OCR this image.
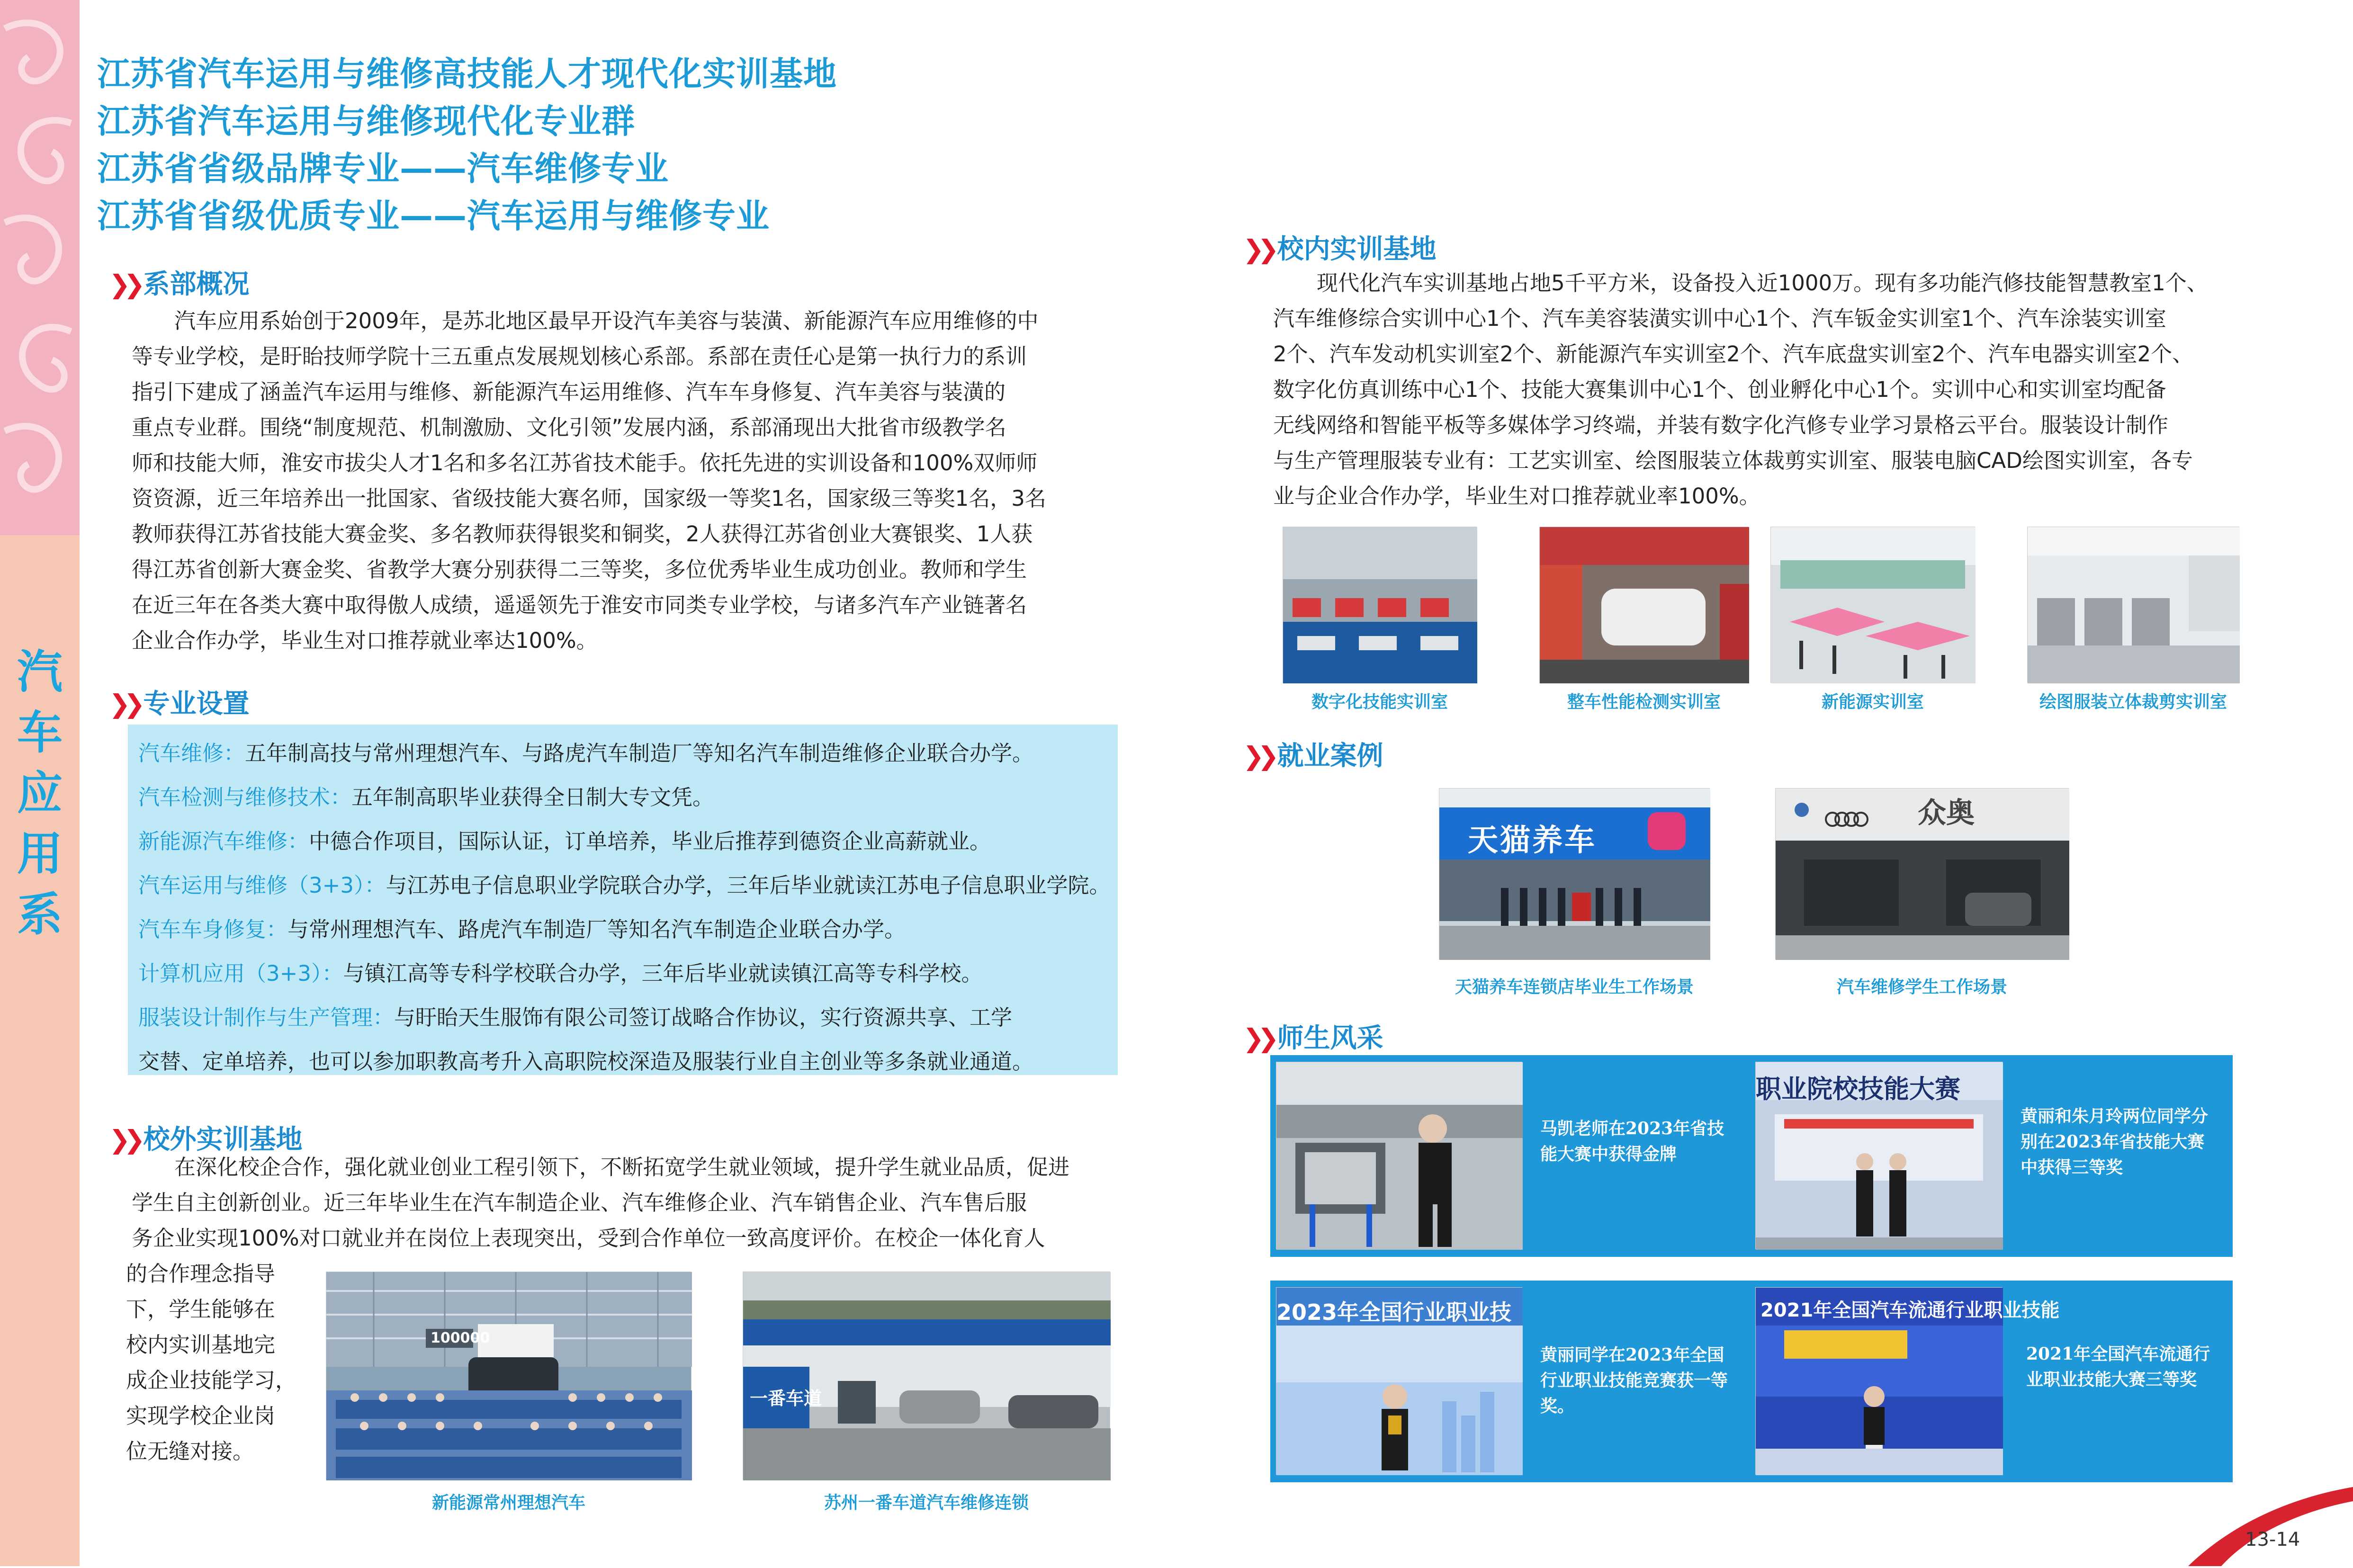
汽
车
应
用
系
江苏省汽车运用与维修高技能人才现代化实训基地
江苏省汽车运用与维修现代化专业群
江苏省省级品牌专业——汽车维修专业
江苏省省级优质专业——汽车运用与维修专业
❯❯ 系部概况
汽车应用系始创于2009年，是苏北地区最早开设汽车美容与装潢、新能源汽车应用维修的中
等专业学校，是盱眙技师学院十三五重点发展规划核心系部。系部在责任心是第一执行力的系训
指引下建成了涵盖汽车运用与维修、新能源汽车运用维修、汽车车身修复、汽车美容与装潢的
重点专业群。围绕“制度规范、机制激励、文化引领”发展内涵，系部涌现出大批省市级教学名
师和技能大师，淮安市拔尖人才1名和多名江苏省技术能手。依托先进的实训设备和100%双师师
资资源，近三年培养出一批国家、省级技能大赛名师，国家级一等奖1名，国家级三等奖1名，3名
教师获得江苏省技能大赛金奖、多名教师获得银奖和铜奖，2人获得江苏省创业大赛银奖、1人获
得江苏省创新大赛金奖、省教学大赛分别获得二三等奖，多位优秀毕业生成功创业。教师和学生
在近三年在各类大赛中取得傲人成绩，遥遥领先于淮安市同类专业学校，与诸多汽车产业链著名
企业合作办学，毕业生对口推荐就业率达100%。
❯❯ 专业设置
汽车维修：五年制高技与常州理想汽车、与路虎汽车制造厂等知名汽车制造维修企业联合办学。
汽车检测与维修技术：五年制高职毕业获得全日制大专文凭。
新能源汽车维修：中德合作项目，国际认证，订单培养，毕业后推荐到德资企业高薪就业。
汽车运用与维修（3+3）：与江苏电子信息职业学院联合办学，三年后毕业就读江苏电子信息职业学院。
汽车车身修复：与常州理想汽车、路虎汽车制造厂等知名汽车制造企业联合办学。
计算机应用（3+3）：与镇江高等专科学校联合办学，三年后毕业就读镇江高等专科学校。
服装设计制作与生产管理：与盱眙天生服饰有限公司签订战略合作协议，实行资源共享、工学
交替、定单培养，也可以参加职教高考升入高职院校深造及服装行业自主创业等多条就业通道。
❯❯ 校外实训基地
在深化校企合作，强化就业创业工程引领下，不断拓宽学生就业领域，提升学生就业品质，促进
学生自主创新创业。近三年毕业生在汽车制造企业、汽车维修企业、汽车销售企业、汽车售后服
务企业实现100%对口就业并在岗位上表现突出，受到合作单位一致高度评价。在校企一体化育人
的合作理念指导
下，学生能够在
校内实训基地完
成企业技能学习，
实现学校企业岗
位无缝对接。
100000
新能源常州理想汽车
一番车道
苏州一番车道汽车维修连锁
❯❯ 校内实训基地
现代化汽车实训基地占地5千平方米，设备投入近1000万。现有多功能汽修技能智慧教室1个、
汽车维修综合实训中心1个、汽车美容装潢实训中心1个、汽车钣金实训室1个、汽车涂装实训室
2个、汽车发动机实训室2个、新能源汽车实训室2个、汽车底盘实训室2个、汽车电器实训室2个、
数字化仿真训练中心1个、技能大赛集训中心1个、创业孵化中心1个。实训中心和实训室均配备
无线网络和智能平板等多媒体学习终端，并装有数字化汽修专业学习景格云平台。服装设计制作
与生产管理服装专业有：工艺实训室、绘图服装立体裁剪实训室、服装电脑CAD绘图实训室，各专
业与企业合作办学，毕业生对口推荐就业率100%。
数字化技能实训室	整车性能检测实训室	新能源实训室	绘图服装立体裁剪实训室
❯❯ 就业案例
天猫养车
天猫养车连锁店毕业生工作场景
众奥
汽车维修学生工作场景
❯❯ 师生风采
马凯老师在2023年省技能大赛中获得金牌
职业院校技能大赛
黄丽和朱月玲两位同学分别在2023年省技能大赛中获得三等奖
2023年全国行业职业技
黄丽同学在2023年全国行业职业技能竞赛获一等奖。
2021年全国汽车流通行业职业技能
2021年全国汽车流通行业职业技能大赛三等奖
13-14
